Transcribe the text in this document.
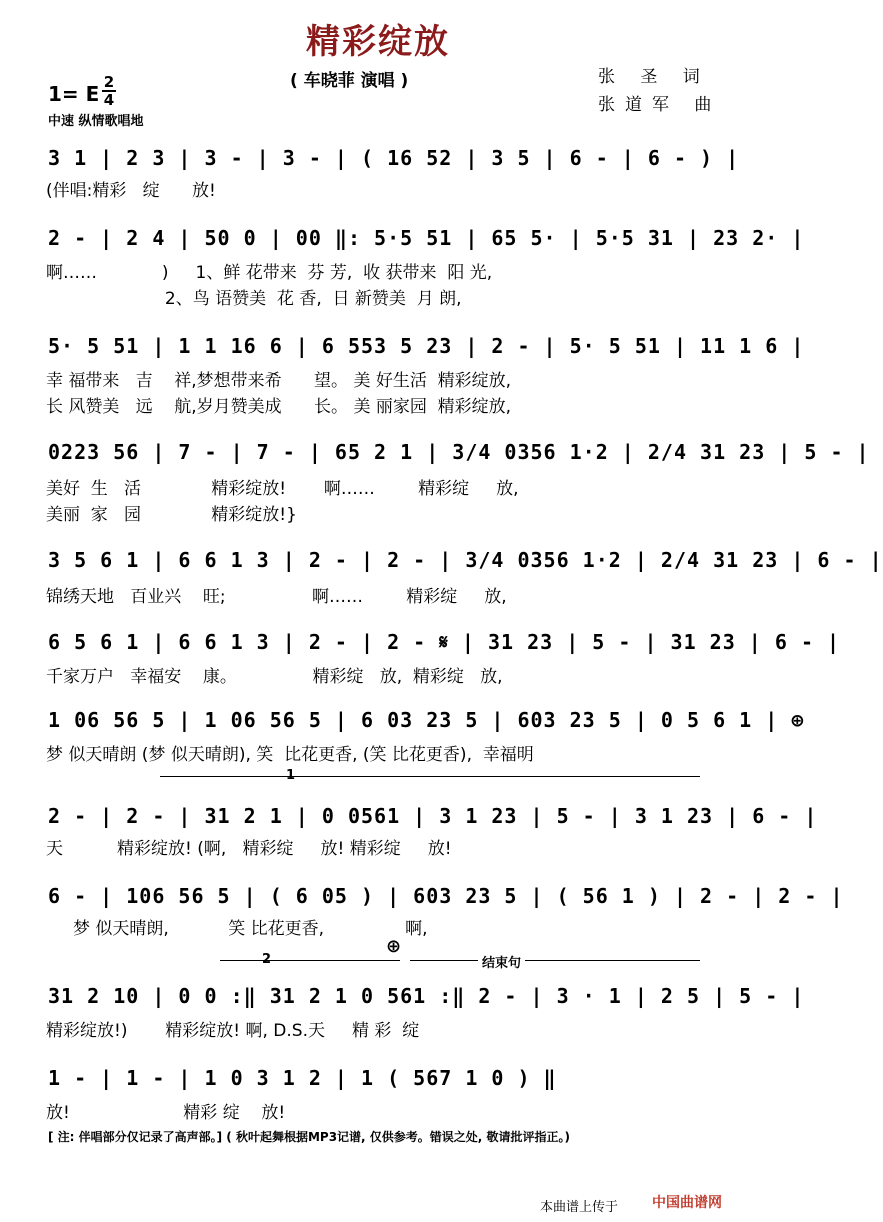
精彩绽放
( 车晓菲 演唱 )	张 圣 词
张道军 曲
1= E $\frac{2}{4}$
中速 纵情歌唱地
3 1 | 2 3 | 3 - | 3 - | ( 16 52 | 3 5 | 6 - | 6 - ) |
(伴唱:精彩   绽      放!
2 - | 2 4 | 50 0 | 00 ‖: 5·5 51 | 65 5· | 5·5 31 | 23 2· |
啊……            )     1、鲜 花带来  芬 芳,  收 获带来  阳 光,
2、鸟 语赞美  花 香,  日 新赞美  月 朗,
5· 5 51 | 1 1 16 6 | 6 553 5 23 | 2 - | 5· 5 51 | 11 1 6 |
幸 福带来   吉    祥,梦想带来希      望。 美 好生活  精彩绽放,
长 风赞美   远    航,岁月赞美成      长。 美 丽家园  精彩绽放,
0223 56 | 7 - | 7 - | 65 2 1 | 3/4 0356 1·2 | 2/4 31 23 | 5 - |
美好  生   活             精彩绽放!       啊……        精彩绽     放,
美丽  家   园             精彩绽放!}
3 5 6 1 | 6 6 1 3 | 2 - | 2 - | 3/4 0356 1·2 | 2/4 31 23 | 6 - |
锦绣天地   百业兴    旺;                啊……        精彩绽     放,
6 5 6 1 | 6 6 1 3 | 2 - | 2 - 𝄋 | 31 23 | 5 - | 31 23 | 6 - |
千家万户   幸福安    康。              精彩绽   放,  精彩绽   放,
1 06 56 5 | 1 06 56 5 | 6 03 23 5 | 603 23 5 | 0 5 6 1 | ⊕
梦 似天晴朗 (梦 似天晴朗), 笑  比花更香, (笑 比花更香),  幸福明
1
2 - | 2 - | 31 2 1 | 0 0561 | 3 1 23 | 5 - | 3 1 23 | 6 - |
天          精彩绽放! (啊,   精彩绽     放! 精彩绽     放!
6 - | 106 56 5 | ( 6 05 ) | 603 23 5 | ( 56 1 ) | 2 - | 2 - |
梦 似天晴朗,           笑 比花更香,               啊,
2
⊕
结束句
31 2 10 | 0 0 :‖ 31 2 1 0 561 :‖ 2 - | 3 · 1 | 2 5 | 5 - |
精彩绽放!)       精彩绽放! 啊, D.S.天     精 彩  绽
1 - | 1 - | 1 0 3 1 2 | 1 ( 567 1 0 ) ‖
放!                     精彩 绽    放!
[ 注: 伴唱部分仅记录了高声部。] ( 秋叶起舞根据MP3记谱, 仅供参考。错误之处, 敬请批评指正。)
本曲谱上传于 中国曲谱网
